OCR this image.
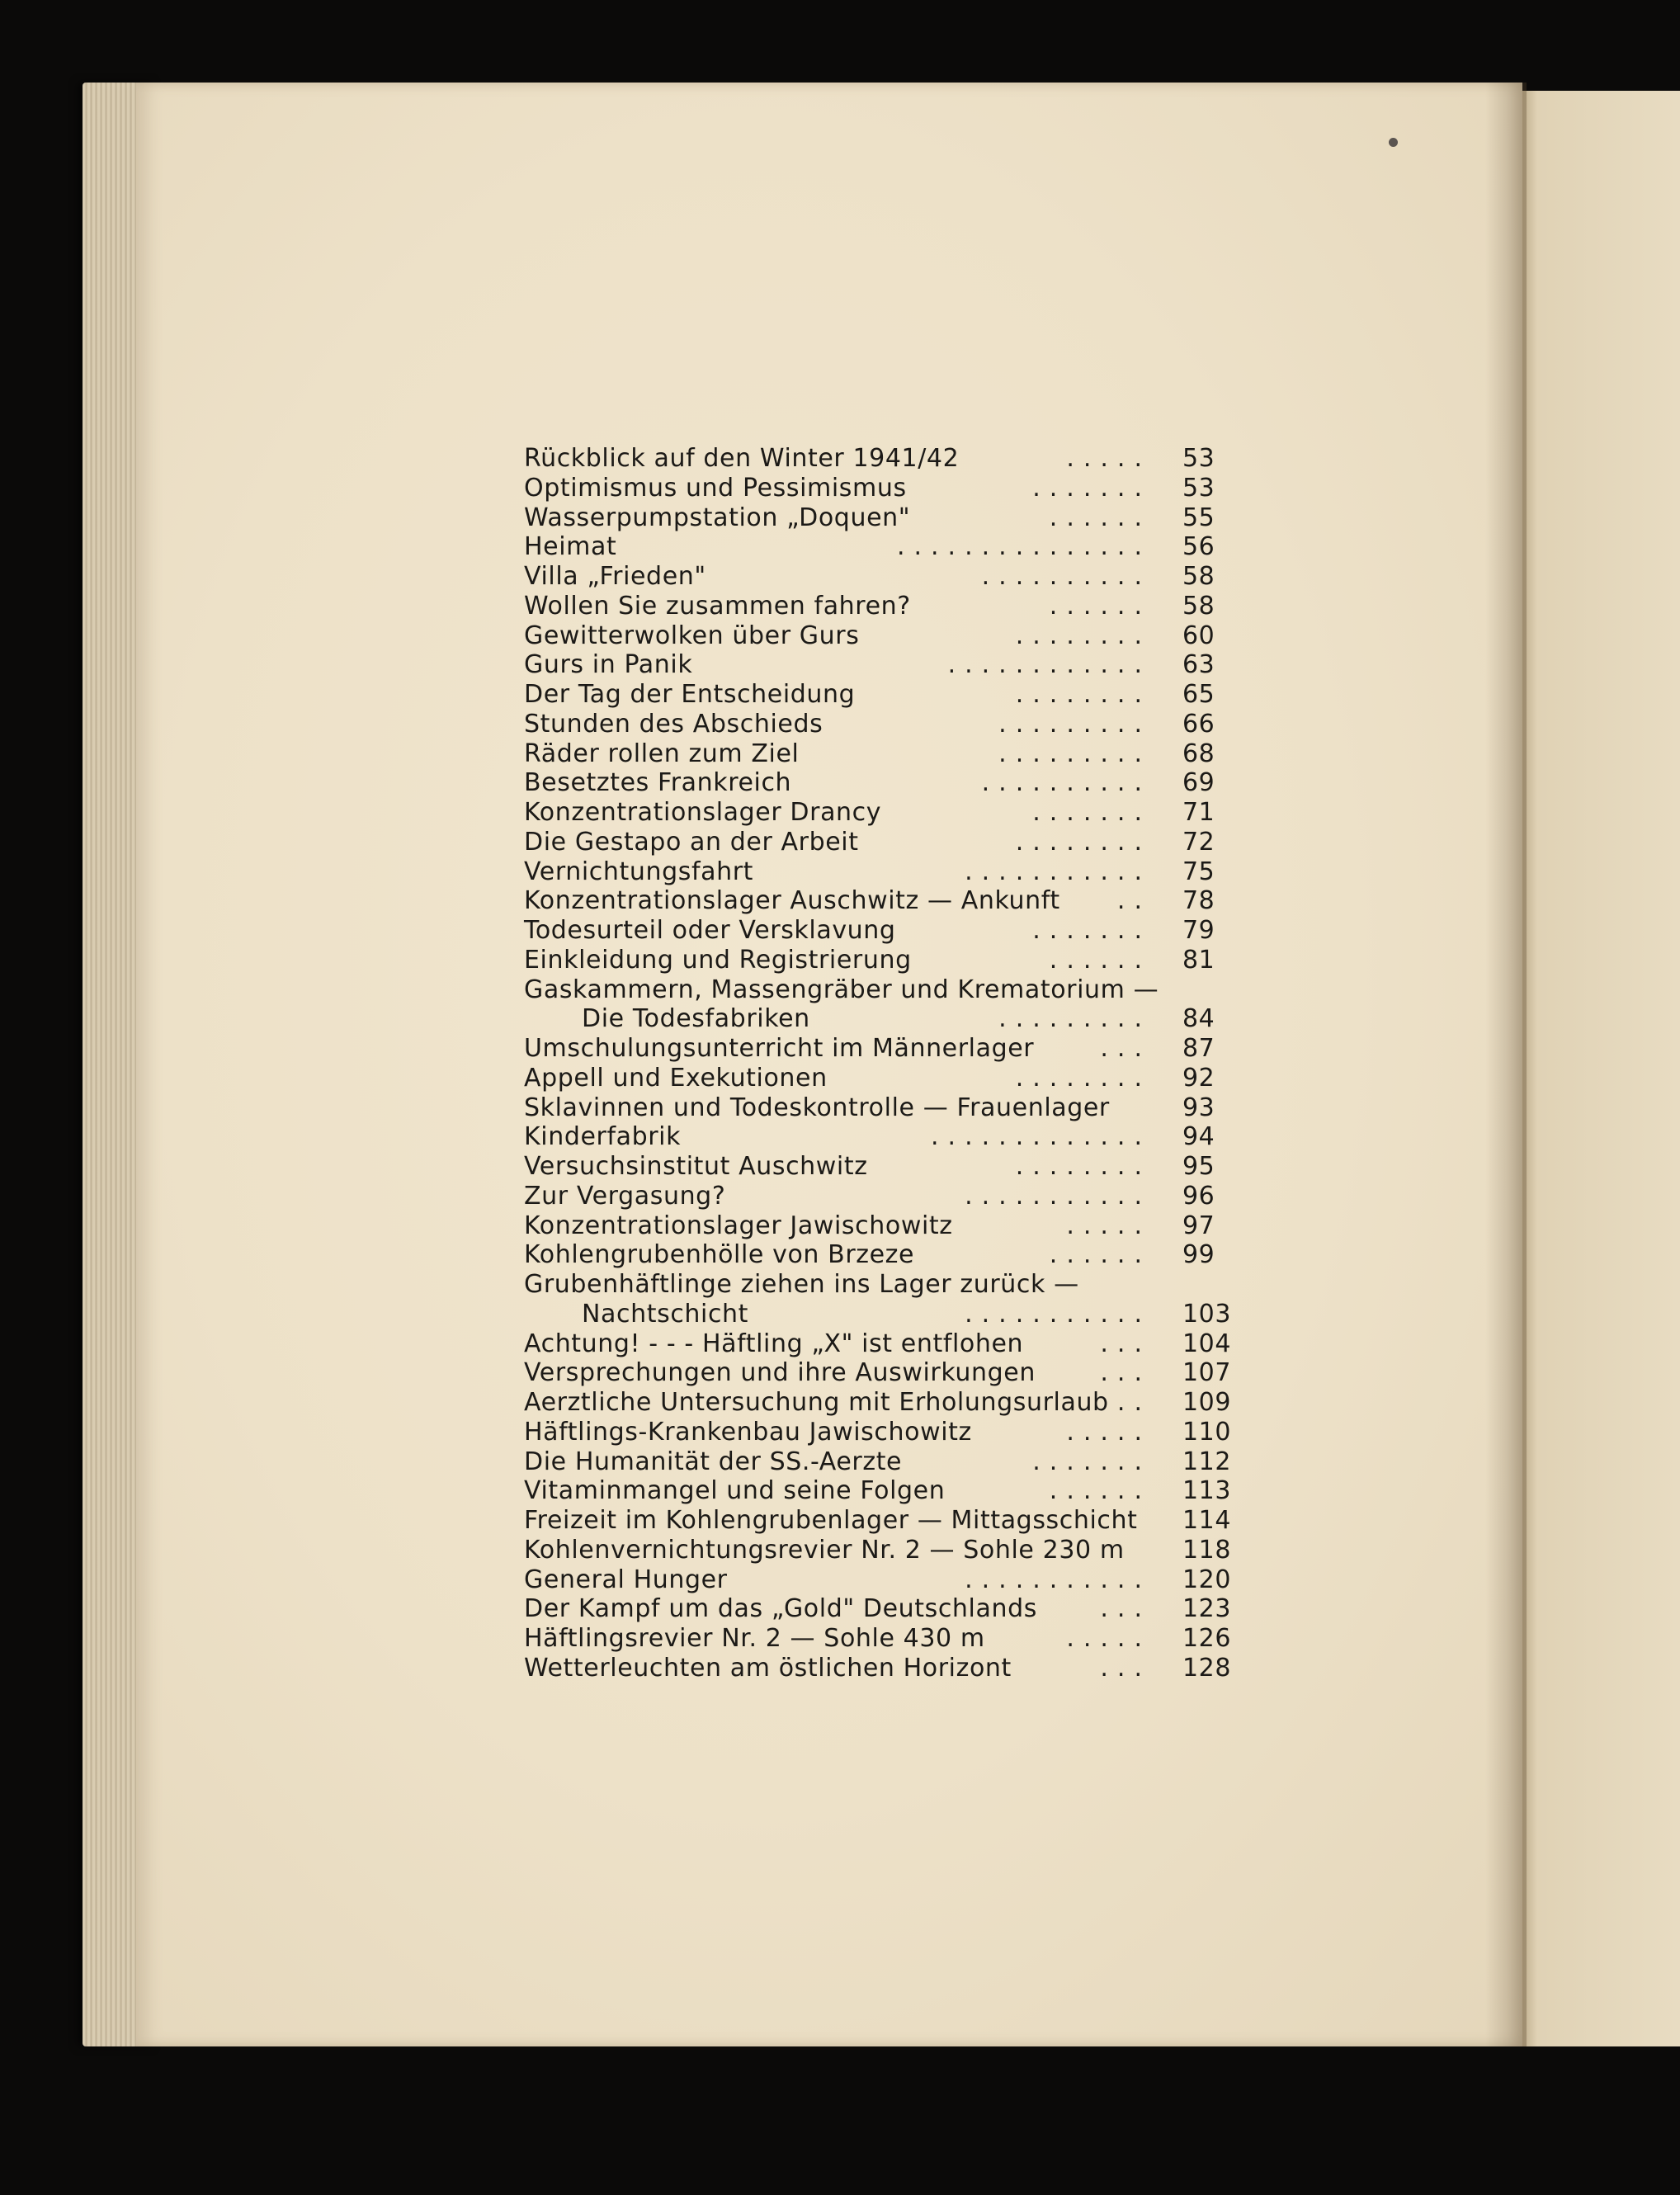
Rückblick auf den Winter 1941/42	..... 53
Optimismus und Pessimismus	....... 53
Wasserpumpstation „Doquen"	...... 55
Heimat	............... 56
Villa „Frieden"	.......... 58
Wollen Sie zusammen fahren?	...... 58
Gewitterwolken über Gurs	........ 60
Gurs in Panik	............ 63
Der Tag der Entscheidung	........ 65
Stunden des Abschieds	......... 66
Räder rollen zum Ziel	......... 68
Besetztes Frankreich	.......... 69
Konzentrationslager Drancy	....... 71
Die Gestapo an der Arbeit	........ 72
Vernichtungsfahrt	........... 75
Konzentrationslager Auschwitz — Ankunft .. 78
Todesurteil oder Versklavung	....... 79
Einkleidung und Registrierung	...... 81
Gaskammern, Massengräber und Krematorium —
Die Todesfabriken	......... 84
Umschulungsunterricht im Männerlager	... 87
Appell und Exekutionen	........ 92
Sklavinnen und Todeskontrolle — Frauenlager	93
Kinderfabrik	............. 94
Versuchsinstitut Auschwitz	........ 95
Zur Vergasung?	........... 96
Konzentrationslager Jawischowitz	..... 97
Kohlengrubenhölle von Brzeze	...... 99
Grubenhäftlinge ziehen ins Lager zurück —
Nachtschicht	........... 103
Achtung! - - - Häftling „X" ist entflohen	... 104
Versprechungen und ihre Auswirkungen	... 107
Aerztliche Untersuchung mit Erholungsurlaub .. 109
Häftlings-Krankenbau Jawischowitz	..... 110
Die Humanität der SS.-Aerzte	....... 112
Vitaminmangel und seine Folgen	...... 113
Freizeit im Kohlengrubenlager — Mittagsschicht 114
Kohlenvernichtungsrevier Nr. 2 — Sohle 230 m 118
General Hunger	........... 120
Der Kampf um das „Gold" Deutschlands	... 123
Häftlingsrevier Nr. 2 — Sohle 430 m	..... 126
Wetterleuchten am östlichen Horizont	... 128
